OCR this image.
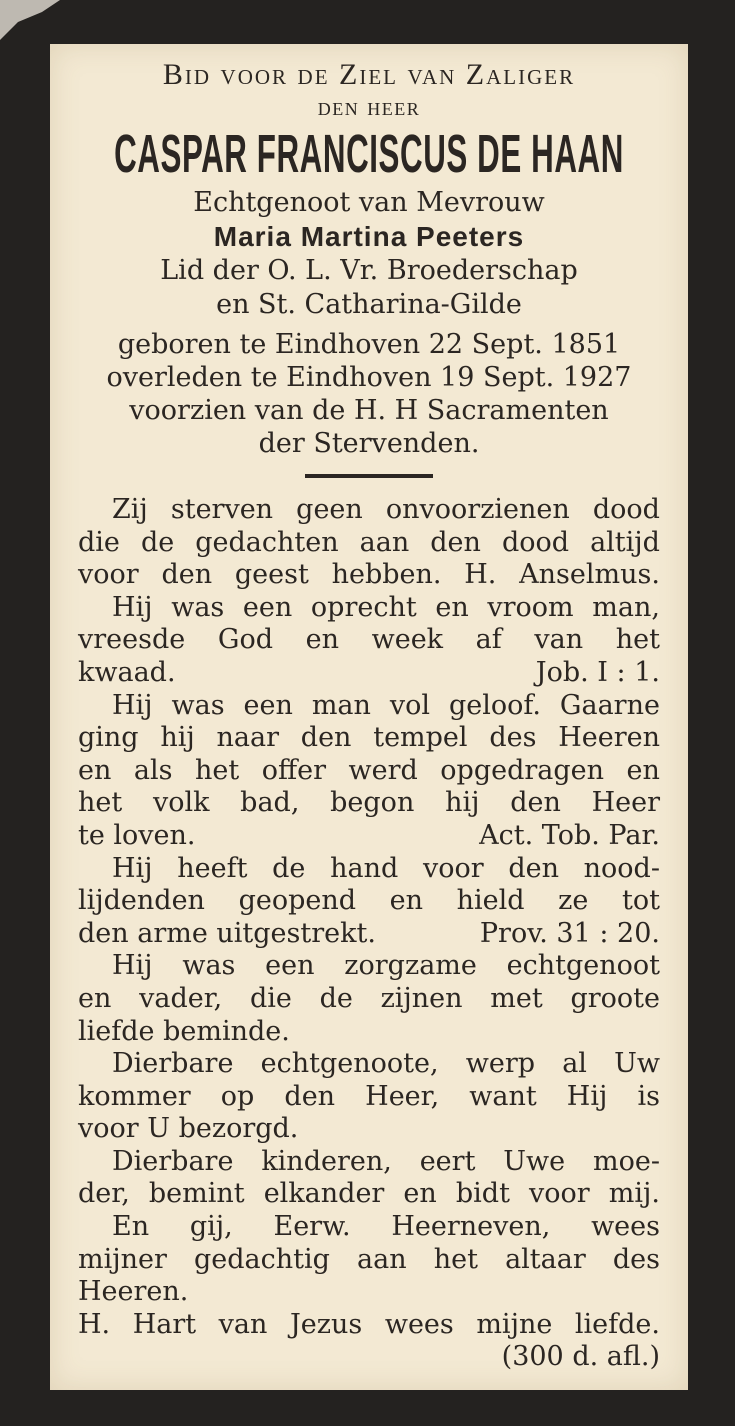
Bid voor de Ziel van Zaliger
den heer
CASPAR FRANCISCUS DE HAAN
Echtgenoot van Mevrouw
Maria Martina Peeters
Lid der O. L. Vr. Broederschap
en St. Catharina-Gilde
geboren te Eindhoven 22 Sept. 1851
overleden te Eindhoven 19 Sept. 1927
voorzien van de H. H Sacramenten
der Stervenden.
Zij sterven geen onvoorzienen dood
die de gedachten aan den dood altijd
voor den geest hebben. H. Anselmus.
Hij was een oprecht en vroom man,
vreesde God en week af van het
kwaad.	Job. I : 1.
Hij was een man vol geloof. Gaarne
ging hij naar den tempel des Heeren
en als het offer werd opgedragen en
het volk bad, begon hij den Heer
te loven.	Act. Tob. Par.
Hij heeft de hand voor den nood-
lijdenden geopend en hield ze tot
den arme uitgestrekt.	Prov. 31 : 20.
Hij was een zorgzame echtgenoot
en vader, die de zijnen met groote
liefde beminde.
Dierbare echtgenoote, werp al Uw
kommer op den Heer, want Hij is
voor U bezorgd.
Dierbare kinderen, eert Uwe moe-
der, bemint elkander en bidt voor mij.
En gij, Eerw. Heerneven, wees
mijner gedachtig aan het altaar des
Heeren.
H. Hart van Jezus wees mijne liefde.
(300 d. afl.)
